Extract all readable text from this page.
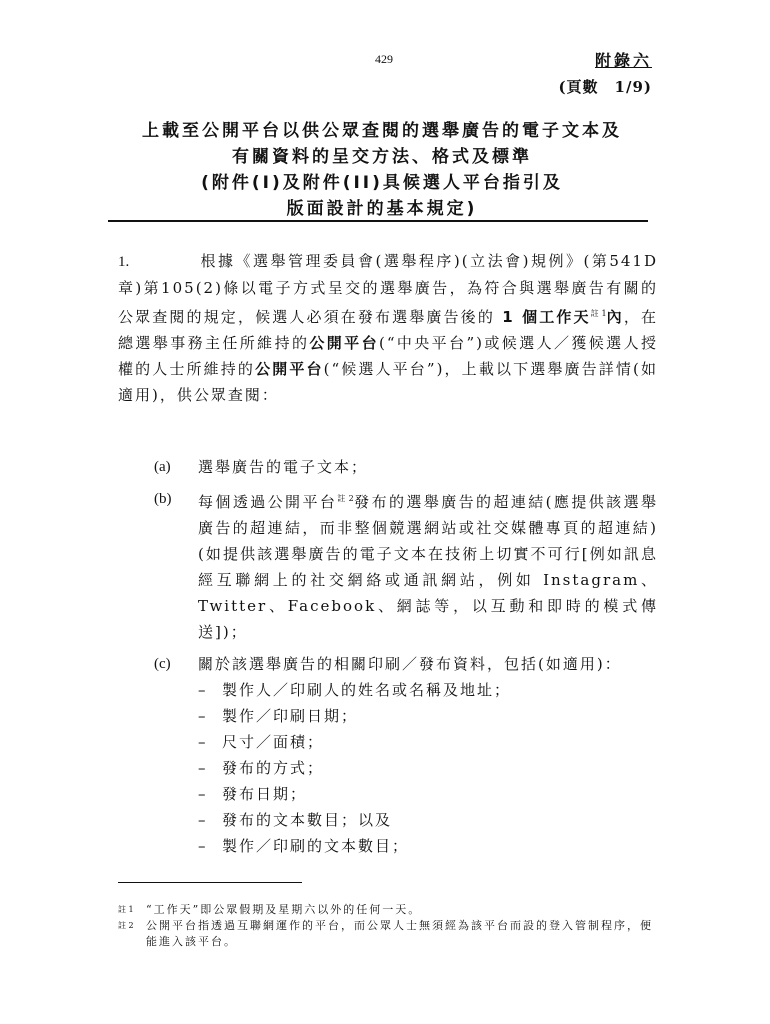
429	附錄六
(頁數　1/9)
上載至公開平台以供公眾查閱的選舉廣告的電子文本及
有關資料的呈交方法、格式及標準
(附件(I)及附件(II)具候選人平台指引及
版面設計的基本規定)
1.	根據《選舉管理委員會(選舉程序)(立法會)規例》(第541D章)第105(2)條以電子方式呈交的選舉廣告，為符合與選舉廣告有關的公眾查閱的規定，候選人必須在發布選舉廣告後的 1 個工作天$^{註 1}$內，在總選舉事務主任所維持的公開平台(“中央平台”)或候選人／獲候選人授權的人士所維持的公開平台(“候選人平台”)，上載以下選舉廣告詳情(如適用)，供公眾查閱：
(a)	選舉廣告的電子文本；
(b)	每個透過公開平台$^{註 2}$發布的選舉廣告的超連結(應提供該選舉廣告的超連結，而非整個競選網站或社交媒體專頁的超連結)(如提供該選舉廣告的電子文本在技術上切實不可行[例如訊息經互聯網上的社交網絡或通訊網站，例如 Instagram、Twitter、Facebook、網誌等，以互動和即時的模式傳送])；
(c)	關於該選舉廣告的相關印刷／發布資料，包括(如適用)：
– 製作人／印刷人的姓名或名稱及地址；
– 製作／印刷日期；
– 尺寸／面積；
– 發布的方式；
– 發布日期；
– 發布的文本數目；以及
– 製作／印刷的文本數目；
註 1	“工作天”即公眾假期及星期六以外的任何一天。
註 2	公開平台指透過互聯網運作的平台，而公眾人士無須經為該平台而設的登入管制程序，便能進入該平台。
